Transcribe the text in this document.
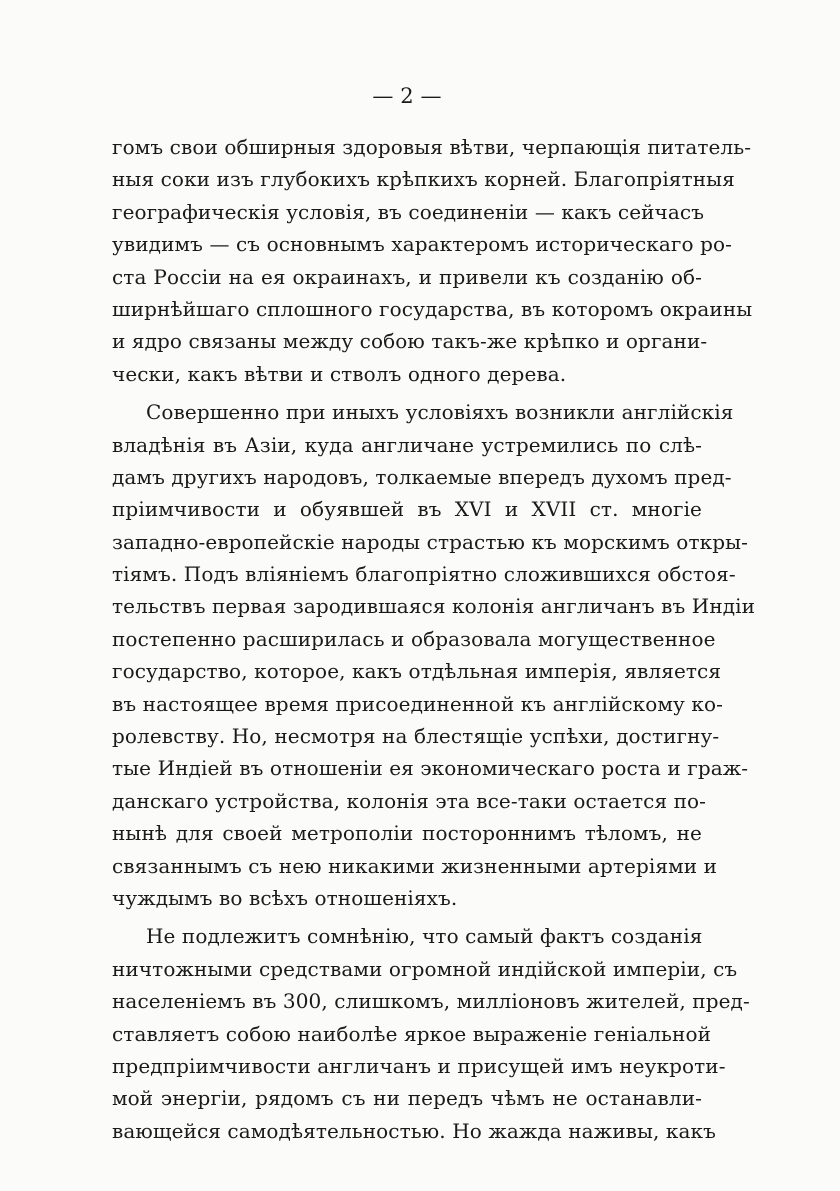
— 2 —

гомъ свои обширныя здоровыя вѣтви, черпающія питатель-
ныя соки изъ глубокихъ крѣпкихъ корней. Благопріятныя
географическія условія, въ соединеніи — какъ сейчасъ
увидимъ — съ основнымъ характеромъ историческаго ро-
ста Россіи на ея окраинахъ, и привели къ созданію об-
ширнѣйшаго сплошного государства, въ которомъ окраины
и ядро связаны между собою такъ-же крѣпко и органи-
чески, какъ вѣтви и стволъ одного дерева.

Совершенно при иныхъ условіяхъ возникли англійскія
владѣнія въ Азіи, куда англичане устремились по слѣ-
дамъ другихъ народовъ, толкаемые впередъ духомъ пред-
пріимчивости и обуявшей въ XVI и XVII ст. многіе
западно-европейскіе народы страстью къ морскимъ откры-
тіямъ. Подъ вліяніемъ благопріятно сложившихся обстоя-
тельствъ первая зародившаяся колонія англичанъ въ Индіи
постепенно расширилась и образовала могущественное
государство, которое, какъ отдѣльная имперія, является
въ настоящее время присоединенной къ англійскому ко-
ролевству. Но, несмотря на блестящіе успѣхи, достигну-
тые Индіей въ отношеніи ея экономическаго роста и граж-
данскаго устройства, колонія эта все-таки остается по-
нынѣ для своей метрополіи постороннимъ тѣломъ, не
связаннымъ съ нею никакими жизненными артеріями и
чуждымъ во всѣхъ отношеніяхъ.

Не подлежитъ сомнѣнію, что самый фактъ созданія
ничтожными средствами огромной индійской имперіи, съ
населеніемъ въ 300, слишкомъ, милліоновъ жителей, пред-
ставляетъ собою наиболѣе яркое выраженіе геніальной
предпріимчивости англичанъ и присущей имъ неукроти-
мой энергіи, рядомъ съ ни передъ чѣмъ не останавли-
вающейся самодѣятельностью. Но жажда наживы, какъ
